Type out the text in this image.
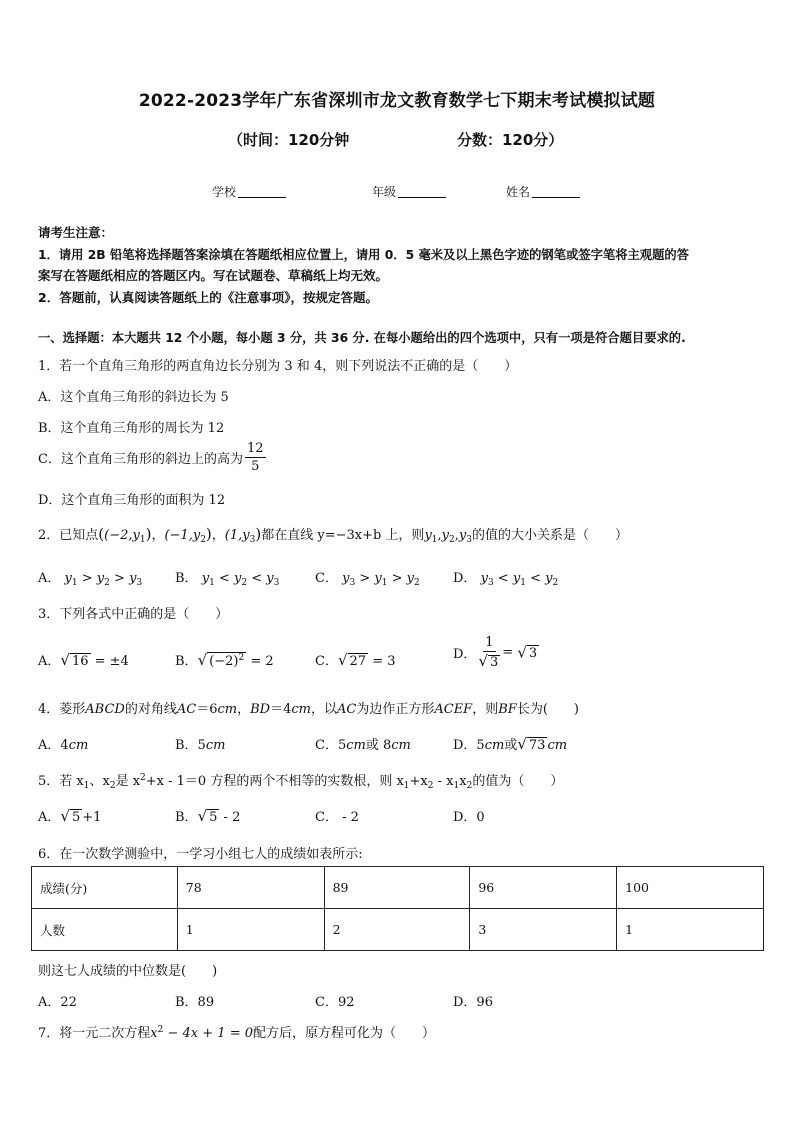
2022-2023学年广东省深圳市龙文教育数学七下期末考试模拟试题
（时间：120分钟	分数：120分）
学校	年级	姓名
请考生注意：
1．请用 2B 铅笔将选择题答案涂填在答题纸相应位置上，请用 0．5 毫米及以上黑色字迹的钢笔或签字笔将主观题的答
案写在答题纸相应的答题区内。写在试题卷、草稿纸上均无效。
2．答题前，认真阅读答题纸上的《注意事项》，按规定答题。
一、选择题：本大题共 12 个小题，每小题 3 分，共 36 分. 在每小题给出的四个选项中，只有一项是符合题目要求的.
1．若一个直角三角形的两直角边长分别为 3 和 4，则下列说法不正确的是（　　）
A．这个直角三角形的斜边长为 5
B．这个直角三角形的周长为 12
C．这个直角三角形的斜边上的高为 $\frac{12}{5}$
D．这个直角三角形的面积为 12
2．已知点($(-2,y_1)$，$(-1,y_2)$，$(1,y_3)$都在直线 y=−3x+b 上，则$y_1,y_2,y_3$的值的大小关系是（　　）
A． $y_1 > y_2 > y_3$	B． $y_1 < y_2 < y_3$	C． $y_3 > y_1 > y_2$	D． $y_3 < y_1 < y_2$
3．下列各式中正确的是（　　）
A．√ 16 = ±4	B．√ $(-2)^2 = 2$	C．√ 27 = 3	D． $\frac{1}{√ 3}$ = √ 3
4．菱形ABCD的对角线AC＝6cm，BD＝4cm，以AC为边作正方形ACEF，则BF长为(　　)
A．4cm	B．5cm	C．5cm或 8cm	D．5cm或√ 73 cm
5．若 $x_1$、$x_2$是 $x^2+x - 1=0$ 方程的两个不相等的实数根，则 $x_1+x_2 - x_1x_2$的值为（　　）
A．√ 5 +1	B．√ 5 - 2	C． - 2	D．0
6．在一次数学测验中，一学习小组七人的成绩如表所示:
成绩(分)	78	89	96	100
人数	1	2	3	1
则这七人成绩的中位数是(　　)
A．22	B．89	C．92	D．96
7．将一元二次方程$x^2 - 4x + 1 = 0$配方后，原方程可化为（　　）
